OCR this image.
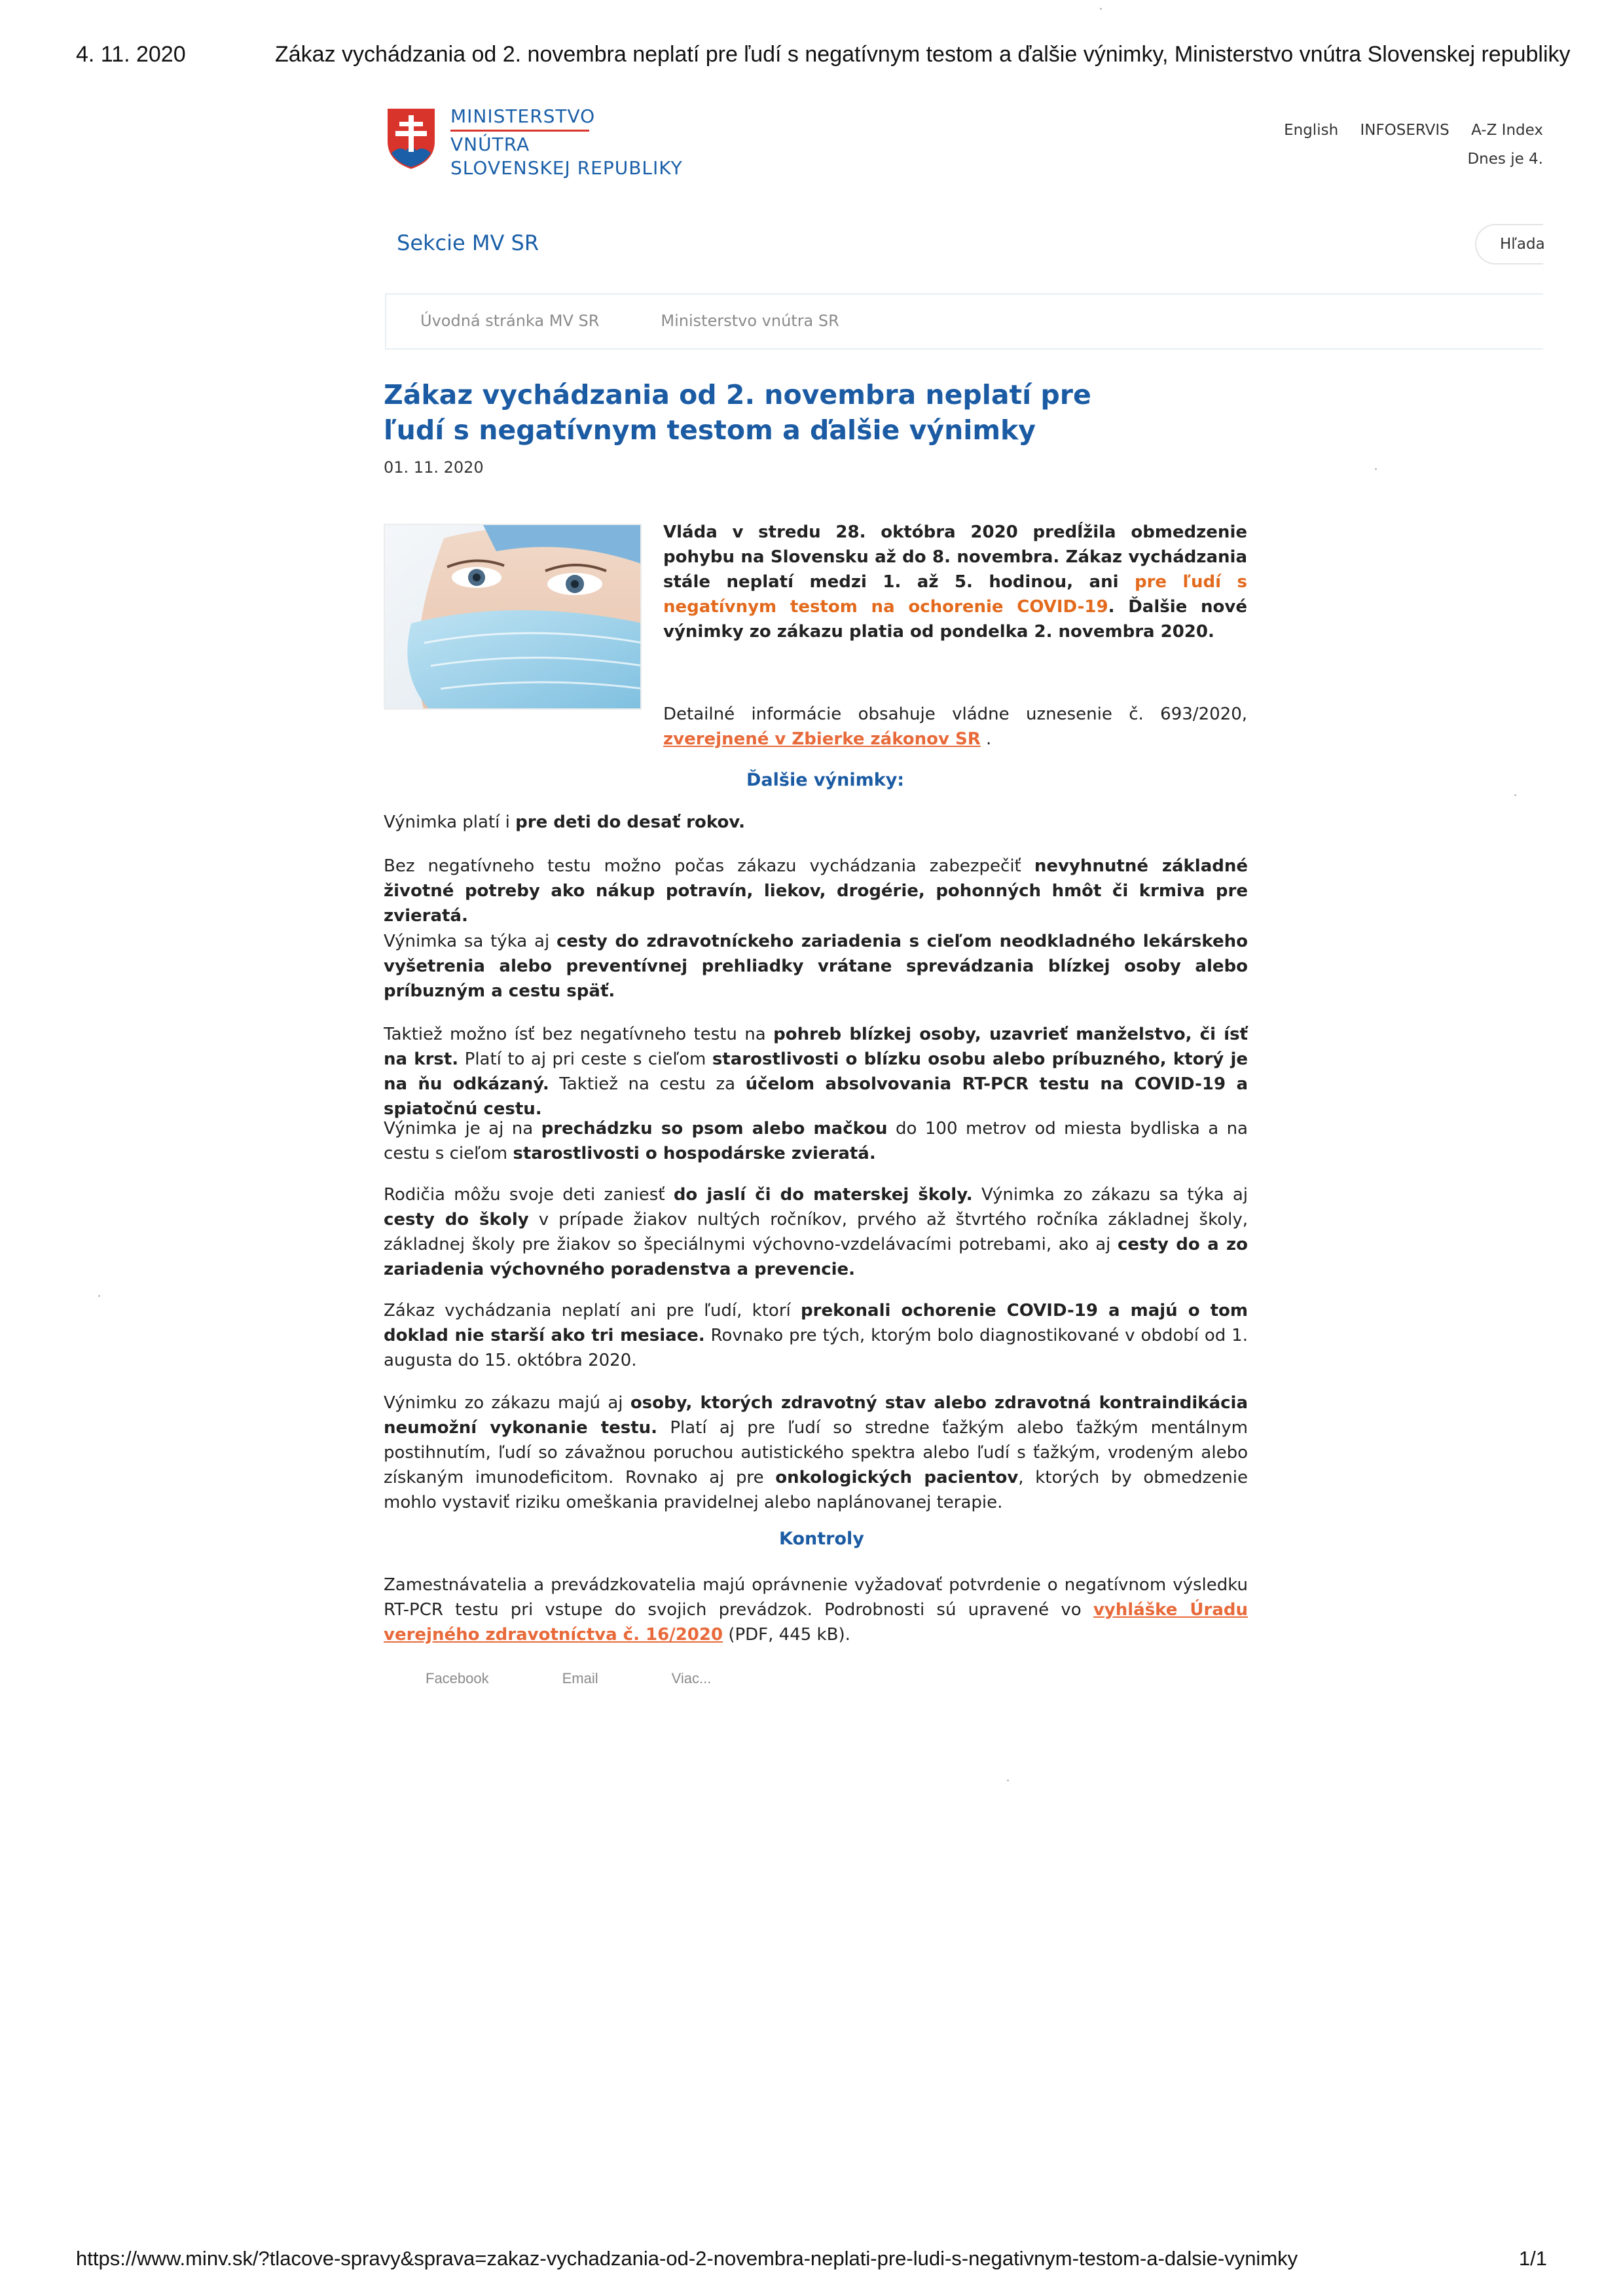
4. 11. 2020	Zákaz vychádzania od 2. novembra neplatí pre ľudí s negatívnym testom a ďalšie výnimky, Ministerstvo vnútra Slovenskej republiky
MINISTERSTVO
VNÚTRA
SLOVENSKEJ REPUBLIKY
English INFOSERVIS A-Z Index
Dnes je 4.
Sekcie MV SR	Hľada
Úvodná stránka MV SR	Ministerstvo vnútra SR
Zákaz vychádzania od 2. novembra neplatí pre ľudí s negatívnym testom a ďalšie výnimky
01. 11. 2020
Vláda v stredu 28. októbra 2020 predĺžila obmedzenie pohybu na Slovensku až do 8. novembra. Zákaz vychádzania stále neplatí medzi 1. až 5. hodinou, ani pre ľudí s negatívnym testom na ochorenie COVID-19. Ďalšie nové výnimky zo zákazu platia od pondelka 2. novembra 2020.
Detailné informácie obsahuje vládne uznesenie č. 693/2020, zverejnené v Zbierke zákonov SR .
Ďalšie výnimky:
Výnimka platí i pre deti do desať rokov.
Bez negatívneho testu možno počas zákazu vychádzania zabezpečiť nevyhnutné základné životné potreby ako nákup potravín, liekov, drogérie, pohonných hmôt či krmiva pre zvieratá.
Výnimka sa týka aj cesty do zdravotníckeho zariadenia s cieľom neodkladného lekárskeho vyšetrenia alebo preventívnej prehliadky vrátane sprevádzania blízkej osoby alebo príbuzným a cestu späť.
Taktiež možno ísť bez negatívneho testu na pohreb blízkej osoby, uzavrieť manželstvo, či ísť na krst. Platí to aj pri ceste s cieľom starostlivosti o blízku osobu alebo príbuzného, ktorý je na ňu odkázaný. Taktiež na cestu za účelom absolvovania RT-PCR testu na COVID-19 a spiatočnú cestu.
Výnimka je aj na prechádzku so psom alebo mačkou do 100 metrov od miesta bydliska a na cestu s cieľom starostlivosti o hospodárske zvieratá.
Rodičia môžu svoje deti zaniesť do jaslí či do materskej školy. Výnimka zo zákazu sa týka aj cesty do školy v prípade žiakov nultých ročníkov, prvého až štvrtého ročníka základnej školy, základnej školy pre žiakov so špeciálnymi výchovno-vzdelávacími potrebami, ako aj cesty do a zo zariadenia výchovného poradenstva a prevencie.
Zákaz vychádzania neplatí ani pre ľudí, ktorí prekonali ochorenie COVID-19 a majú o tom doklad nie starší ako tri mesiace. Rovnako pre tých, ktorým bolo diagnostikované v období od 1. augusta do 15. októbra 2020.
Výnimku zo zákazu majú aj osoby, ktorých zdravotný stav alebo zdravotná kontraindikácia neumožní vykonanie testu. Platí aj pre ľudí so stredne ťažkým alebo ťažkým mentálnym postihnutím, ľudí so závažnou poruchou autistického spektra alebo ľudí s ťažkým, vrodeným alebo získaným imunodeficitom. Rovnako aj pre onkologických pacientov, ktorých by obmedzenie mohlo vystaviť riziku omeškania pravidelnej alebo naplánovanej terapie.
Kontroly
Zamestnávatelia a prevádzkovatelia majú oprávnenie vyžadovať potvrdenie o negatívnom výsledku RT-PCR testu pri vstupe do svojich prevádzok. Podrobnosti sú upravené vo vyhláške Úradu verejného zdravotníctva č. 16/2020 (PDF, 445 kB).
Facebook	Email	Viac...
https://www.minv.sk/?tlacove-spravy&sprava=zakaz-vychadzania-od-2-novembra-neplati-pre-ludi-s-negativnym-testom-a-dalsie-vynimky	1/1
